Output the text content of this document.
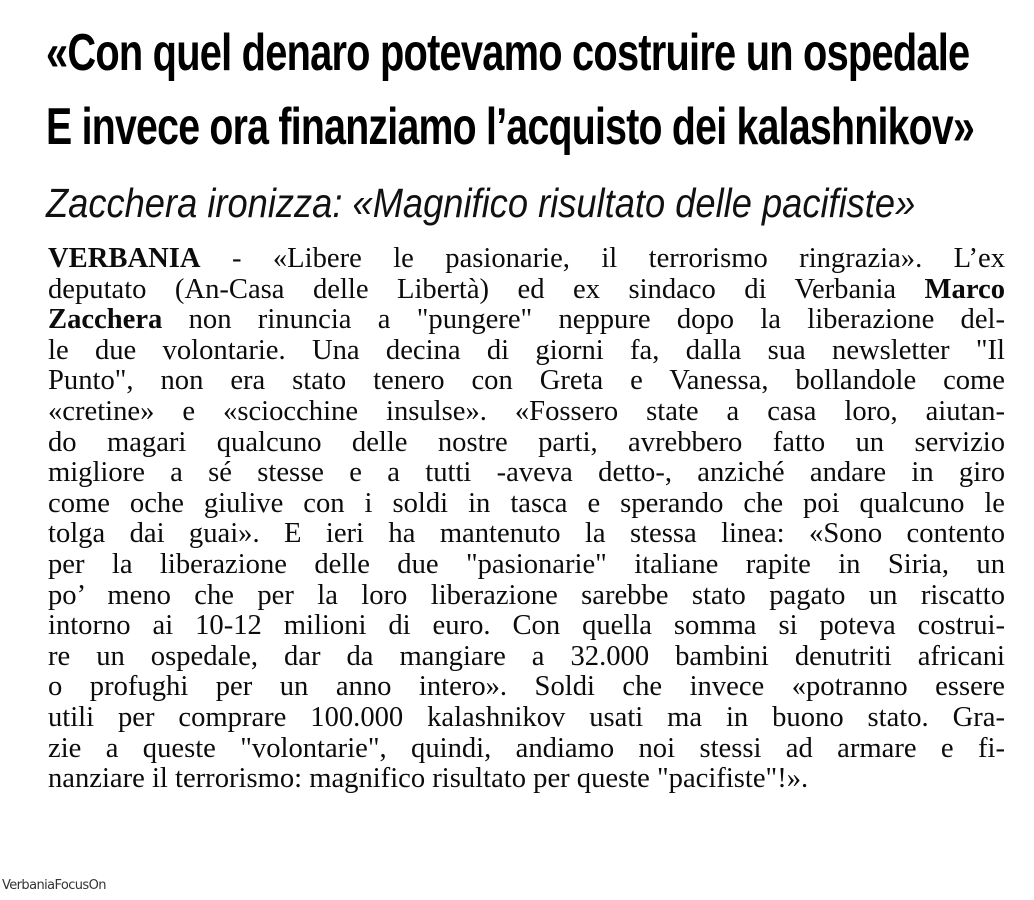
«Con quel denaro potevamo costruire un ospedale
E invece ora finanziamo l’acquisto dei kalashnikov»
Zacchera ironizza: «Magnifico risultato delle pacifiste»
VERBANIA - «Libere le pasionarie, il terrorismo ringrazia». L’ex
deputato (An-Casa delle Libertà) ed ex sindaco di Verbania Marco
Zacchera non rinuncia a "pungere" neppure dopo la liberazione del-
le due volontarie. Una decina di giorni fa, dalla sua newsletter "Il
Punto", non era stato tenero con Greta e Vanessa, bollandole come
«cretine» e «sciocchine insulse». «Fossero state a casa loro, aiutan-
do magari qualcuno delle nostre parti, avrebbero fatto un servizio
migliore a sé stesse e a tutti -aveva detto-, anziché andare in giro
come oche giulive con i soldi in tasca e sperando che poi qualcuno le
tolga dai guai». E ieri ha mantenuto la stessa linea: «Sono contento
per la liberazione delle due "pasionarie" italiane rapite in Siria, un
po’ meno che per la loro liberazione sarebbe stato pagato un riscatto
intorno ai 10-12 milioni di euro. Con quella somma si poteva costrui-
re un ospedale, dar da mangiare a 32.000 bambini denutriti africani
o profughi per un anno intero». Soldi che invece «potranno essere
utili per comprare 100.000 kalashnikov usati ma in buono stato. Gra-
zie a queste "volontarie", quindi, andiamo noi stessi ad armare e fi-
nanziare il terrorismo: magnifico risultato per queste "pacifiste"!».
VerbaniaFocusOn
